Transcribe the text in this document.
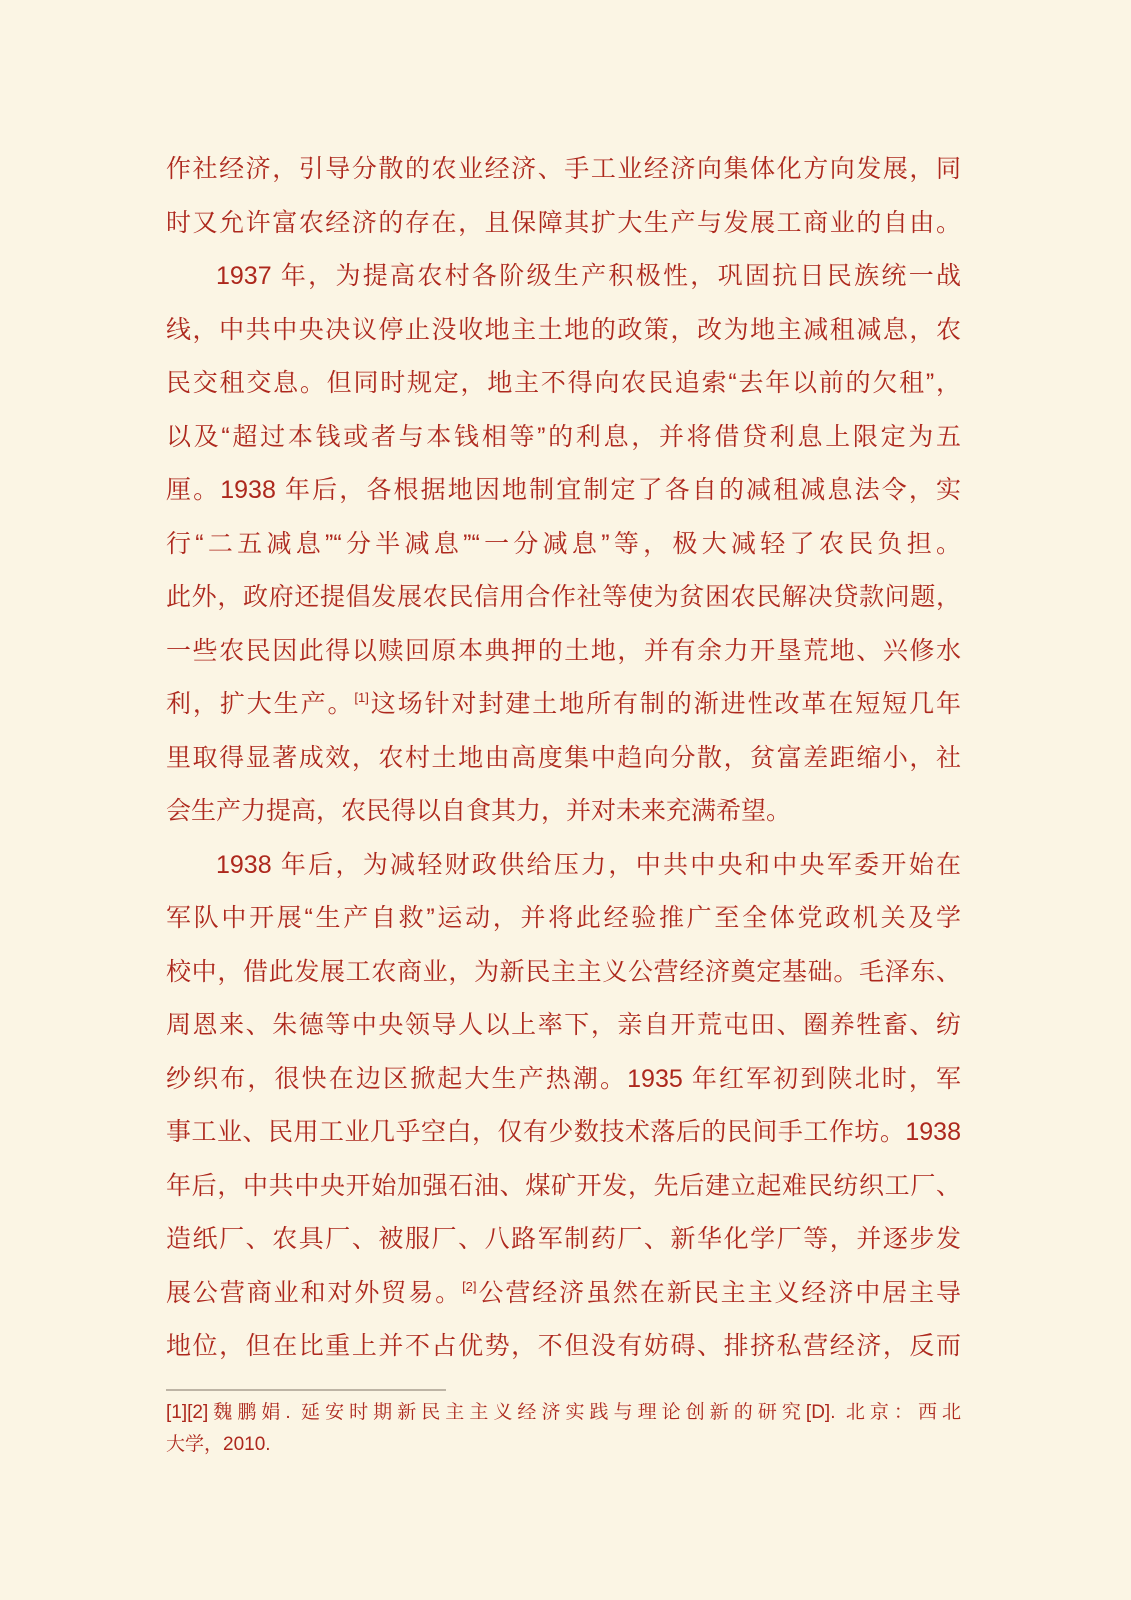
作社经济，引导分散的农业经济、手工业经济向集体化方向发展，同
时又允许富农经济的存在，且保障其扩大生产与发展工商业的自由。
1937 年，为提高农村各阶级生产积极性，巩固抗日民族统一战
线，中共中央决议停止没收地主土地的政策，改为地主减租减息，农
民交租交息。但同时规定，地主不得向农民追索“去年以前的欠租”，
以及“超过本钱或者与本钱相等”的利息，并将借贷利息上限定为五
厘。1938 年后，各根据地因地制宜制定了各自的减租减息法令，实
行“二五减息”“分半减息”“一分减息”等，极大减轻了农民负担。
此外，政府还提倡发展农民信用合作社等使为贫困农民解决贷款问题，
一些农民因此得以赎回原本典押的土地，并有余力开垦荒地、兴修水
利，扩大生产。[1]这场针对封建土地所有制的渐进性改革在短短几年
里取得显著成效，农村土地由高度集中趋向分散，贫富差距缩小，社
会生产力提高，农民得以自食其力，并对未来充满希望。
1938 年后，为减轻财政供给压力，中共中央和中央军委开始在
军队中开展“生产自救”运动，并将此经验推广至全体党政机关及学
校中，借此发展工农商业，为新民主主义公营经济奠定基础。毛泽东、
周恩来、朱德等中央领导人以上率下，亲自开荒屯田、圈养牲畜、纺
纱织布，很快在边区掀起大生产热潮。1935 年红军初到陕北时，军
事工业、民用工业几乎空白，仅有少数技术落后的民间手工作坊。1938
年后，中共中央开始加强石油、煤矿开发，先后建立起难民纺织工厂、
造纸厂、农具厂、被服厂、八路军制药厂、新华化学厂等，并逐步发
展公营商业和对外贸易。[2]公营经济虽然在新民主主义经济中居主导
地位，但在比重上并不占优势，不但没有妨碍、排挤私营经济，反而
[1][2]魏鹏娟. 延安时期新民主主义经济实践与理论创新的研究[D]. 北京：西北
大学，2010.
